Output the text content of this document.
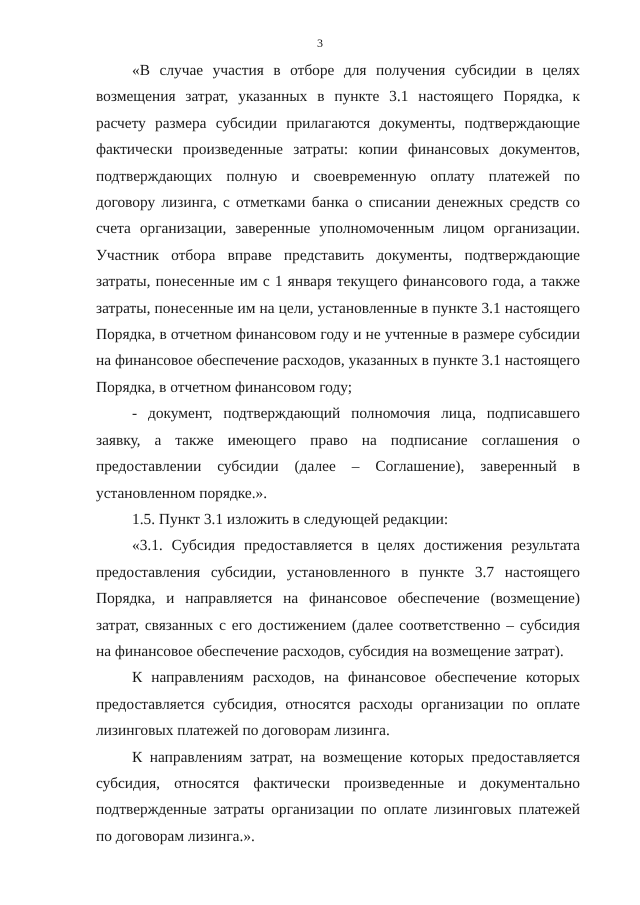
3

«В случае участия в отборе для получения субсидии в целях возмещения затрат, указанных в пункте 3.1 настоящего Порядка, к расчету размера субсидии прилагаются документы, подтверждающие фактически произведенные затраты: копии финансовых документов, подтверждающих полную и своевременную оплату платежей по договору лизинга, с отметками банка о списании денежных средств со счета организации, заверенные уполномоченным лицом организации. Участник отбора вправе представить документы, подтверждающие затраты, понесенные им с 1 января текущего финансового года, а также затраты, понесенные им на цели, установленные в пункте 3.1 настоящего Порядка, в отчетном финансовом году и не учтенные в размере субсидии на финансовое обеспечение расходов, указанных в пункте 3.1 настоящего Порядка, в отчетном финансовом году;

- документ, подтверждающий полномочия лица, подписавшего заявку, а также имеющего право на подписание соглашения о предоставлении субсидии (далее – Соглашение), заверенный в установленном порядке.».

1.5. Пункт 3.1 изложить в следующей редакции:

«3.1. Субсидия предоставляется в целях достижения результата предоставления субсидии, установленного в пункте 3.7 настоящего Порядка, и направляется на финансовое обеспечение (возмещение) затрат, связанных с его достижением (далее соответственно – субсидия на финансовое обеспечение расходов, субсидия на возмещение затрат).

К направлениям расходов, на финансовое обеспечение которых предоставляется субсидия, относятся расходы организации по оплате лизинговых платежей по договорам лизинга.

К направлениям затрат, на возмещение которых предоставляется субсидия, относятся фактически произведенные и документально подтвержденные затраты организации по оплате лизинговых платежей по договорам лизинга.».
